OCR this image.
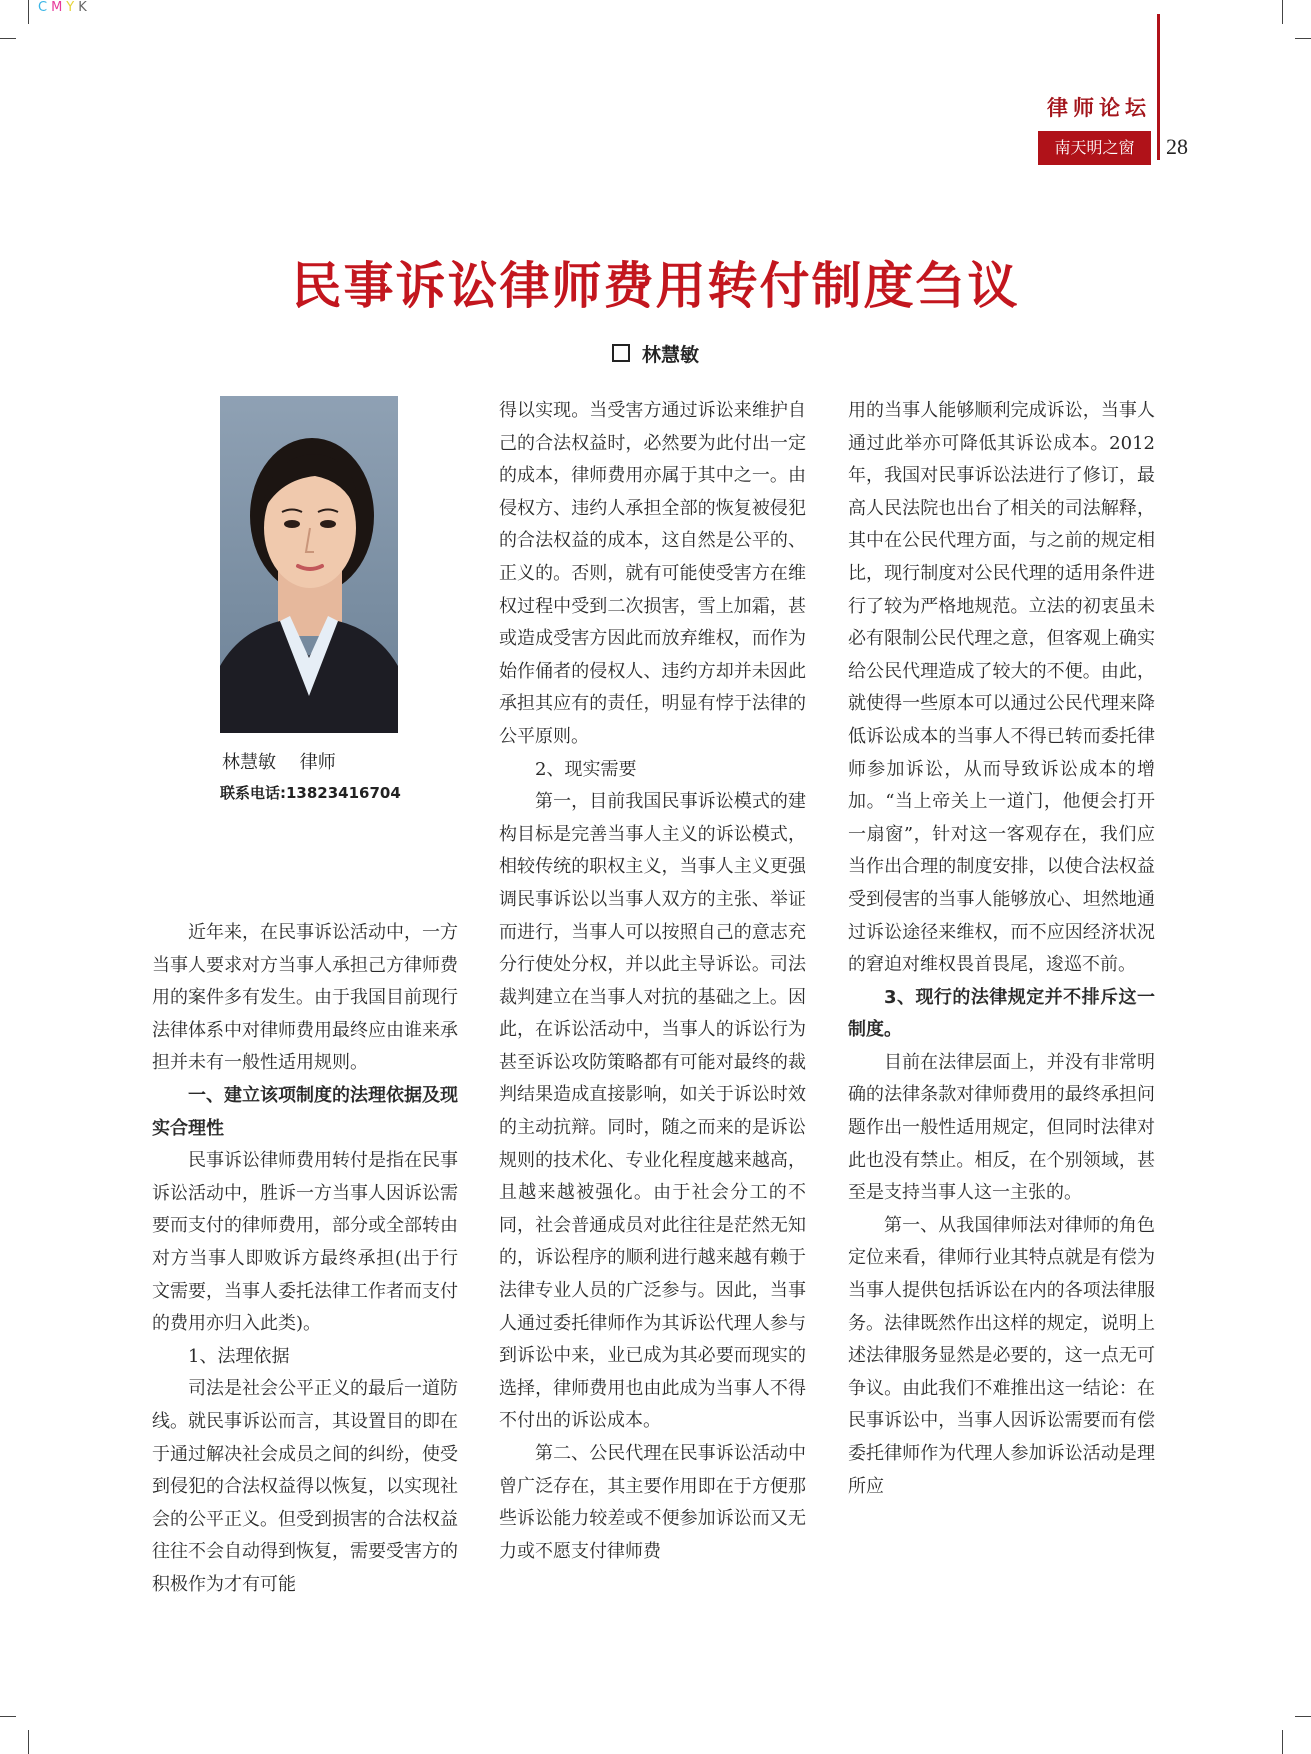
CMYK
律师论坛
南天明之窗	28
民事诉讼律师费用转付制度刍议
林慧敏
林慧敏　 律师
联系电话:13823416704

近年来，在民事诉讼活动中，一方当事人要求对方当事人承担己方律师费用的案件多有发生。由于我国目前现行法律体系中对律师费用最终应由谁来承担并未有一般性适用规则。

一、建立该项制度的法理依据及现实合理性

民事诉讼律师费用转付是指在民事诉讼活动中，胜诉一方当事人因诉讼需要而支付的律师费用，部分或全部转由对方当事人即败诉方最终承担(出于行文需要，当事人委托法律工作者而支付的费用亦归入此类)。

1、法理依据

司法是社会公平正义的最后一道防线。就民事诉讼而言，其设置目的即在于通过解决社会成员之间的纠纷，使受到侵犯的合法权益得以恢复，以实现社会的公平正义。但受到损害的合法权益往往不会自动得到恢复，需要受害方的积极作为才有可能

得以实现。当受害方通过诉讼来维护自己的合法权益时，必然要为此付出一定的成本，律师费用亦属于其中之一。由侵权方、违约人承担全部的恢复被侵犯的合法权益的成本，这自然是公平的、正义的。否则，就有可能使受害方在维权过程中受到二次损害，雪上加霜，甚或造成受害方因此而放弃维权，而作为始作俑者的侵权人、违约方却并未因此承担其应有的责任，明显有悖于法律的公平原则。

2、现实需要

第一，目前我国民事诉讼模式的建构目标是完善当事人主义的诉讼模式，相较传统的职权主义，当事人主义更强调民事诉讼以当事人双方的主张、举证而进行，当事人可以按照自己的意志充分行使处分权，并以此主导诉讼。司法裁判建立在当事人对抗的基础之上。因此，在诉讼活动中，当事人的诉讼行为甚至诉讼攻防策略都有可能对最终的裁判结果造成直接影响，如关于诉讼时效的主动抗辩。同时，随之而来的是诉讼规则的技术化、专业化程度越来越高，且越来越被强化。由于社会分工的不同，社会普通成员对此往往是茫然无知的，诉讼程序的顺利进行越来越有赖于法律专业人员的广泛参与。因此，当事人通过委托律师作为其诉讼代理人参与到诉讼中来，业已成为其必要而现实的选择，律师费用也由此成为当事人不得不付出的诉讼成本。

第二、公民代理在民事诉讼活动中曾广泛存在，其主要作用即在于方便那些诉讼能力较差或不便参加诉讼而又无力或不愿支付律师费

用的当事人能够顺利完成诉讼，当事人通过此举亦可降低其诉讼成本。2012年，我国对民事诉讼法进行了修订，最高人民法院也出台了相关的司法解释，其中在公民代理方面，与之前的规定相比，现行制度对公民代理的适用条件进行了较为严格地规范。立法的初衷虽未必有限制公民代理之意，但客观上确实给公民代理造成了较大的不便。由此，就使得一些原本可以通过公民代理来降低诉讼成本的当事人不得已转而委托律师参加诉讼，从而导致诉讼成本的增加。“当上帝关上一道门，他便会打开一扇窗”，针对这一客观存在，我们应当作出合理的制度安排，以使合法权益受到侵害的当事人能够放心、坦然地通过诉讼途径来维权，而不应因经济状况的窘迫对维权畏首畏尾，逡巡不前。

3、现行的法律规定并不排斥这一制度。

目前在法律层面上，并没有非常明确的法律条款对律师费用的最终承担问题作出一般性适用规定，但同时法律对此也没有禁止。相反，在个别领域，甚至是支持当事人这一主张的。

第一、从我国律师法对律师的角色定位来看，律师行业其特点就是有偿为当事人提供包括诉讼在内的各项法律服务。法律既然作出这样的规定，说明上述法律服务显然是必要的，这一点无可争议。由此我们不难推出这一结论：在民事诉讼中，当事人因诉讼需要而有偿委托律师作为代理人参加诉讼活动是理所应
